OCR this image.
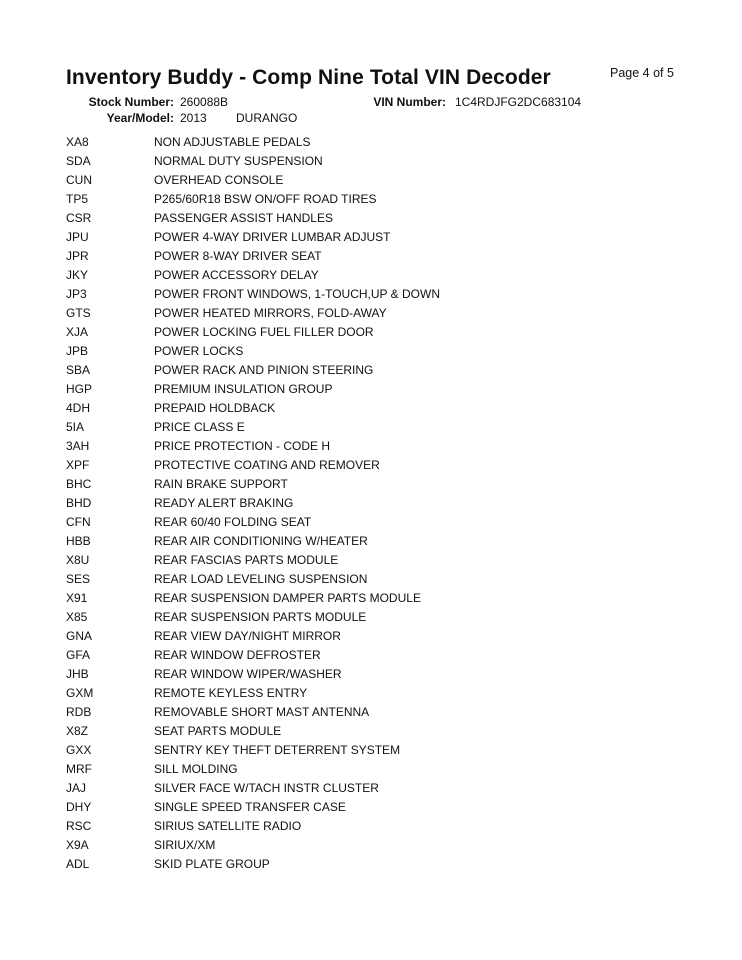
Inventory Buddy - Comp Nine Total VIN Decoder	Page 4 of 5
Stock Number: 260088B	VIN Number: 1C4RDJFG2DC683104
Year/Model: 2013 DURANGO
XA8	NON ADJUSTABLE PEDALS
SDA	NORMAL DUTY SUSPENSION
CUN	OVERHEAD CONSOLE
TP5	P265/60R18 BSW ON/OFF ROAD TIRES
CSR	PASSENGER ASSIST HANDLES
JPU	POWER 4-WAY DRIVER LUMBAR ADJUST
JPR	POWER 8-WAY DRIVER SEAT
JKY	POWER ACCESSORY DELAY
JP3	POWER FRONT WINDOWS, 1-TOUCH,UP & DOWN
GTS	POWER HEATED MIRRORS, FOLD-AWAY
XJA	POWER LOCKING FUEL FILLER DOOR
JPB	POWER LOCKS
SBA	POWER RACK AND PINION STEERING
HGP	PREMIUM INSULATION GROUP
4DH	PREPAID HOLDBACK
5IA	PRICE CLASS E
3AH	PRICE PROTECTION - CODE H
XPF	PROTECTIVE COATING AND REMOVER
BHC	RAIN BRAKE SUPPORT
BHD	READY ALERT BRAKING
CFN	REAR 60/40 FOLDING SEAT
HBB	REAR AIR CONDITIONING W/HEATER
X8U	REAR FASCIAS PARTS MODULE
SES	REAR LOAD LEVELING SUSPENSION
X91	REAR SUSPENSION DAMPER PARTS MODULE
X85	REAR SUSPENSION PARTS MODULE
GNA	REAR VIEW DAY/NIGHT MIRROR
GFA	REAR WINDOW DEFROSTER
JHB	REAR WINDOW WIPER/WASHER
GXM	REMOTE KEYLESS ENTRY
RDB	REMOVABLE SHORT MAST ANTENNA
X8Z	SEAT PARTS MODULE
GXX	SENTRY KEY THEFT DETERRENT SYSTEM
MRF	SILL MOLDING
JAJ	SILVER FACE W/TACH INSTR CLUSTER
DHY	SINGLE SPEED TRANSFER CASE
RSC	SIRIUS SATELLITE RADIO
X9A	SIRIUX/XM
ADL	SKID PLATE GROUP
